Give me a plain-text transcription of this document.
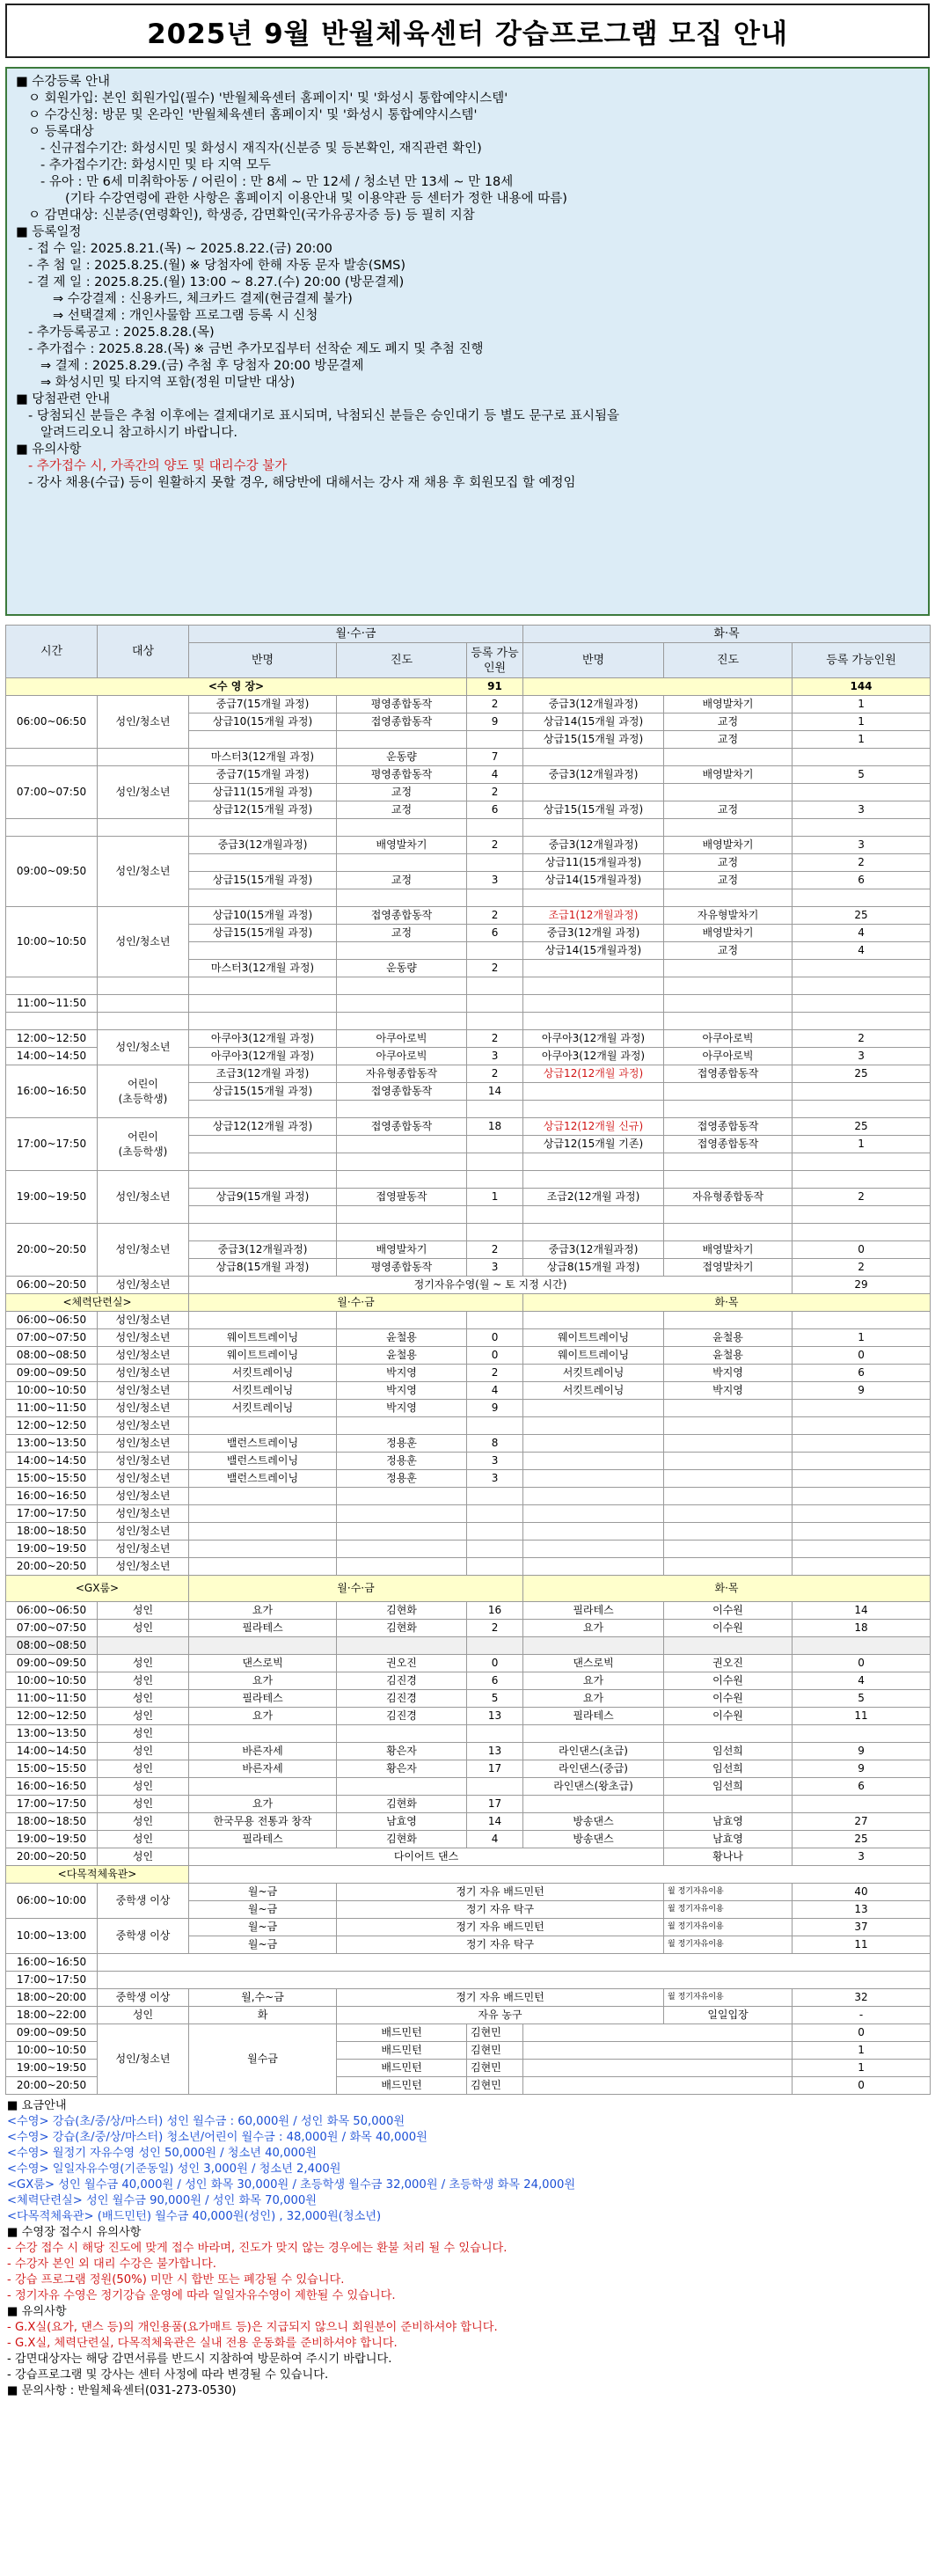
2025년 9월 반월체육센터 강습프로그램 모집 안내
■ 수강등록 안내
ㅇ 회원가입: 본인 회원가입(필수) '반월체육센터 홈페이지' 및 '화성시 통합예약시스템'
ㅇ 수강신청: 방문 및 온라인 '반월체육센터 홈페이지' 및 '화성시 통합예약시스템'
ㅇ 등록대상
- 신규접수기간: 화성시민 및 화성시 재직자(신분증 및 등본확인, 재직관련 확인)
- 추가접수기간: 화성시민 및 타 지역 모두
- 유아 : 만 6세 미취학아동 / 어린이 : 만 8세 ~ 만 12세 / 청소년 만 13세 ~ 만 18세
(기타 수강연령에 관한 사항은 홈페이지 이용안내 및 이용약관 등 센터가 정한 내용에 따름)
ㅇ 감면대상: 신분증(연령확인), 학생증, 감면확인(국가유공자증 등) 등 필히 지참
■ 등록일정
- 접 수 일: 2025.8.21.(목) ~ 2025.8.22.(금) 20:00
- 추 첨 일 : 2025.8.25.(월) ※ 당첨자에 한해 자동 문자 발송(SMS)
- 결 제 일 : 2025.8.25.(월) 13:00 ~ 8.27.(수) 20:00 (방문결제)
⇒ 수강결제 : 신용카드, 체크카드 결제(현금결제 불가)
⇒ 선택결제 : 개인사물함 프로그램 등록 시 신청
- 추가등록공고 : 2025.8.28.(목)
- 추가접수 : 2025.8.28.(목) ※ 금번 추가모집부터 선착순 제도 폐지 및 추첨 진행
⇒ 결제 : 2025.8.29.(금) 추첨 후 당첨자 20:00 방문결제
⇒ 화성시민 및 타지역 포함(정원 미달반 대상)
■ 당첨관련 안내
- 당첨되신 분들은 추첨 이후에는 결제대기로 표시되며, 낙첨되신 분들은 승인대기 등 별도 문구로 표시됨을
알려드리오니 참고하시기 바랍니다.
■ 유의사항
- 추가접수 시, 가족간의 양도 및 대리수강 불가
- 강사 채용(수급) 등이 원활하지 못할 경우, 해당반에 대해서는 강사 재 채용 후 회원모집 할 예정임
시간	대상	월·수·금			화·목		
		반명	진도	등록 가능인원	반명	진도	등록 가능인원
<수 영 장>				91			144
06:00~06:50	성인/청소년	중급7(15개월 과정)	평영종합동작	2	중급3(12개월과정)	배영발차기	1
		상급10(15개월 과정)	접영종합동작	9	상급14(15개월 과정)	교정	1
					상급15(15개월 과정)	교정	1
		마스터3(12개월 과정)	운동량	7			
07:00~07:50	성인/청소년	중급7(15개월 과정)	평영종합동작	4	중급3(12개월과정)	배영발차기	5
		상급11(15개월 과정)	교정	2			
		상급12(15개월 과정)	교정	6	상급15(15개월 과정)	교정	3

09:00~09:50	성인/청소년	중급3(12개월과정)	배영발차기	2	중급3(12개월과정)	배영발차기	3
					상급11(15개월과정)	교정	2
		상급15(15개월 과정)	교정	3	상급14(15개월과정)	교정	6

10:00~10:50	성인/청소년	상급10(15개월 과정)	접영종합동작	2	조급1(12개월과정)	자유형발차기	25
		상급15(15개월 과정)	교정	6	중급3(12개월 과정)	배영발차기	4
					상급14(15개월과정)	교정	4
		마스터3(12개월 과정)	운동량	2			

11:00~11:50							

12:00~12:50	성인/청소년	아쿠아3(12개월 과정)	아쿠아로빅	2	아쿠아3(12개월 과정)	아쿠아로빅	2
14:00~14:50		아쿠아3(12개월 과정)	아쿠아로빅	3	아쿠아3(12개월 과정)	아쿠아로빅	3
16:00~16:50	어린이
(초등학생)	조급3(12개월 과정)	자유형종합동작	2	상급12(12개월 과정)	접영종합동작	25
		상급15(15개월 과정)	접영종합동작	14			

17:00~17:50	어린이
(초등학생)	상급12(12개월 과정)	접영종합동작	18	상급12(12개월 신규)	접영종합동작	25
					상급12(15개월 기존)	접영종합동작	1

19:00~19:50	성인/청소년						
		상급9(15개월 과정)	접영팔동작	1	조급2(12개월 과정)	자유형종합동작	2

20:00~20:50	성인/청소년						
		중급3(12개월과정)	배영발차기	2	중급3(12개월과정)	배영발차기	0
		상급8(15개월 과정)	평영종합동작	3	상급8(15개월 과정)	접영발차기	2
06:00~20:50	성인/청소년	정기자유수영(월 ~ 토 지정 시간)					29
<체력단련실>		월·수·금			화·목		
06:00~06:50	성인/청소년						
07:00~07:50	성인/청소년	웨이트트레이닝	윤철용	0	웨이트트레이닝	윤철용	1
08:00~08:50	성인/청소년	웨이트트레이닝	윤철용	0	웨이트트레이닝	윤철용	0
09:00~09:50	성인/청소년	서킷트레이닝	박지영	2	서킷트레이닝	박지영	6
10:00~10:50	성인/청소년	서킷트레이닝	박지영	4	서킷트레이닝	박지영	9
11:00~11:50	성인/청소년	서킷트레이닝	박지영	9			
12:00~12:50	성인/청소년						
13:00~13:50	성인/청소년	밸런스트레이닝	정용훈	8			
14:00~14:50	성인/청소년	밸런스트레이닝	정용훈	3			
15:00~15:50	성인/청소년	밸런스트레이닝	정용훈	3			
16:00~16:50	성인/청소년						
17:00~17:50	성인/청소년						
18:00~18:50	성인/청소년						
19:00~19:50	성인/청소년						
20:00~20:50	성인/청소년						
<GX룸>		월·수·금			화·목		
06:00~06:50	성인	요가	김현화	16	필라테스	이수원	14
07:00~07:50	성인	필라테스	김현화	2	요가	이수원	18
08:00~08:50							
09:00~09:50	성인	댄스로빅	권오진	0	댄스로빅	권오진	0
10:00~10:50	성인	요가	김진경	6	요가	이수원	4
11:00~11:50	성인	필라테스	김진경	5	요가	이수원	5
12:00~12:50	성인	요가	김진경	13	필라테스	이수원	11
13:00~13:50	성인						
14:00~14:50	성인	바른자세	황은자	13	라인댄스(초급)	임선희	9
15:00~15:50	성인	바른자세	황은자	17	라인댄스(중급)	임선희	9
16:00~16:50	성인				라인댄스(왕초급)	임선희	6
17:00~17:50	성인	요가	김현화	17			
18:00~18:50	성인	한국무용 전통과 창작	남효영	14	방송댄스	남효영	27
19:00~19:50	성인	필라테스	김현화	4	방송댄스	남효영	25
20:00~20:50	성인	다이어트 댄스				황나나	3
<다목적체육관>							
06:00~10:00	중학생 이상	월~금	정기 자유 배드민턴			월 정기자유이용	40
		월~금	정기 자유 탁구			월 정기자유이용	13
10:00~13:00	중학생 이상	월~금	정기 자유 배드민턴			월 정기자유이용	37
		월~금	정기 자유 탁구			월 정기자유이용	11
16:00~16:50							
17:00~17:50							
18:00~20:00	중학생 이상	월,수~금	정기 자유 배드민턴			월 정기자유이용	32
18:00~22:00	성인	화	자유 농구			일일입장	-
09:00~09:50	성인/청소년	월수금	배드민턴	김현민			0
10:00~10:50			배드민턴	김현민			1
19:00~19:50			배드민턴	김현민			1
20:00~20:50			배드민턴	김현민			0
■ 요금안내
<수영> 강습(초/중/상/마스터) 성인 월수금 : 60,000원 / 성인 화목 50,000원
<수영> 강습(초/중/상/마스터) 청소년/어린이 월수금 : 48,000원 / 화목 40,000원
<수영> 월정기 자유수영 성인 50,000원 / 청소년 40,000원
<수영> 일일자유수영(기준동일) 성인 3,000원 / 청소년 2,400원
<GX룸> 성인 월수금 40,000원 / 성인 화목 30,000원 / 초등학생 월수금 32,000원 / 초등학생 화목 24,000원
<체력단련실> 성인 월수금 90,000원 / 성인 화목 70,000원
<다목적체육관> (배드민턴) 월수금 40,000원(성인) , 32,000원(청소년)
■ 수영장 접수시 유의사항
- 수강 접수 시 해당 진도에 맞게 접수 바라며, 진도가 맞지 않는 경우에는 환불 처리 될 수 있습니다.
- 수강자 본인 외 대리 수강은 불가합니다.
- 강습 프로그램 정원(50%) 미만 시 합반 또는 폐강될 수 있습니다.
- 정기자유 수영은 정기강습 운영에 따라 일일자유수영이 제한될 수 있습니다.
■ 유의사항
- G.X실(요가, 댄스 등)의 개인용품(요가매트 등)은 지급되지 않으니 회원분이 준비하셔야 합니다.
- G.X실, 체력단련실, 다목적체육관은 실내 전용 운동화를 준비하셔야 합니다.
- 감면대상자는 해당 감면서류를 반드시 지참하여 방문하여 주시기 바랍니다.
- 강습프로그램 및 강사는 센터 사정에 따라 변경될 수 있습니다.
■ 문의사항 : 반월체육센터(031-273-0530)
